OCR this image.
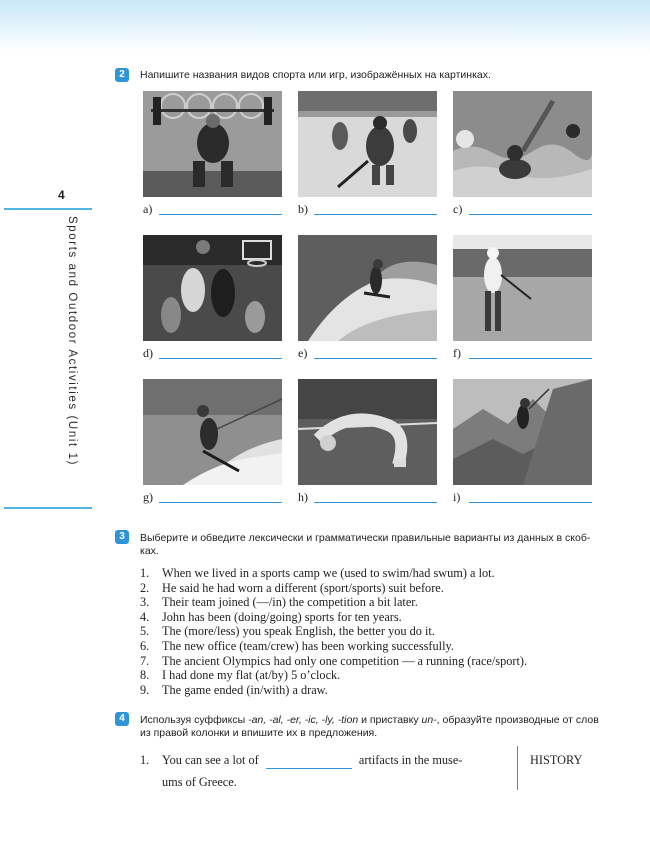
4
Sports and Outdoor Activities (Unit 1)
2	Напишите названия видов спорта или игр, изображённых на картинках.
a)	b)	c)
d)	e)	f)
g)	h)	i)
3	Выберите и обведите лексически и грамматически правильные варианты из данных в скоб-
ках.
1.	When we lived in a sports camp we (used to swim/had swum) a lot.
2.	He said he had worn a different (sport/sports) suit before.
3.	Their team joined (—/in) the competition a bit later.
4.	John has been (doing/going) sports for ten years.
5.	The (more/less) you speak English, the better you do it.
6.	The new office (team/crew) has been working successfully.
7.	The ancient Olympics had only one competition — a running (race/sport).
8.	I had done my flat (at/by) 5 o’clock.
9.	The game ended (in/with) a draw.
4	Используя суффиксы -an, -al, -er, -ic, -ly, -tion и приставку un-, образуйте производные от слов
из правой колонки и впишите их в предложения.
1. You can see a lot of	artifacts in the muse-
ums of Greece.
HISTORY
